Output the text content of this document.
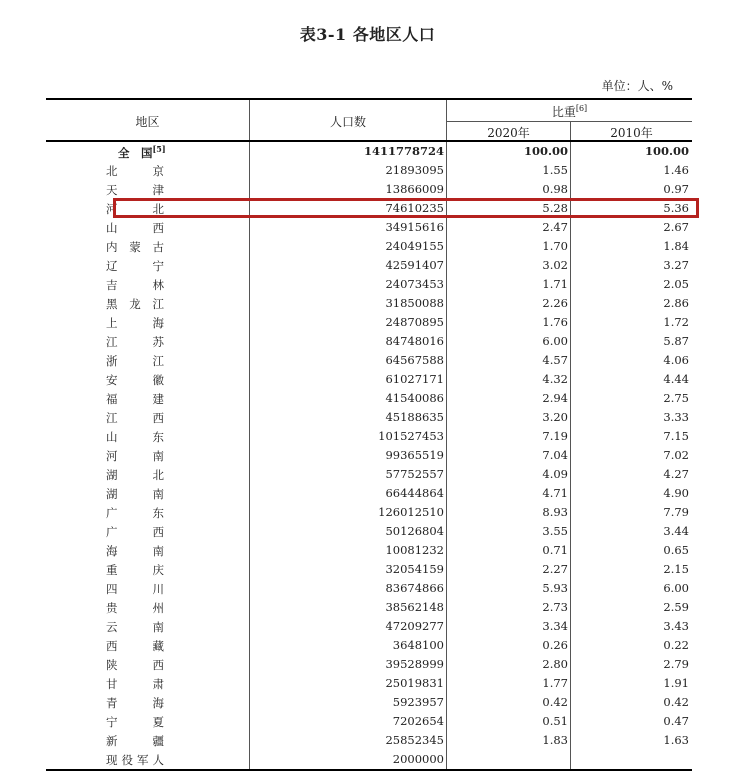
表3-1 各地区人口
单位：人、%
地区	人口数
比重[6]
2020年	2010年
全　国[5]	1411778724	100.00	100.00
北　京	21893095	1.55	1.46
天　津	13866009	0.98	0.97
河　北	74610235	5.28	5.36
山　西	34915616	2.47	2.67
内蒙古	24049155	1.70	1.84
辽　宁	42591407	3.02	3.27
吉　林	24073453	1.71	2.05
黑龙江	31850088	2.26	2.86
上　海	24870895	1.76	1.72
江　苏	84748016	6.00	5.87
浙　江	64567588	4.57	4.06
安　徽	61027171	4.32	4.44
福　建	41540086	2.94	2.75
江　西	45188635	3.20	3.33
山　东	101527453	7.19	7.15
河　南	99365519	7.04	7.02
湖　北	57752557	4.09	4.27
湖　南	66444864	4.71	4.90
广　东	126012510	8.93	7.79
广　西	50126804	3.55	3.44
海　南	10081232	0.71	0.65
重　庆	32054159	2.27	2.15
四　川	83674866	5.93	6.00
贵　州	38562148	2.73	2.59
云　南	47209277	3.34	3.43
西　藏	3648100	0.26	0.22
陕　西	39528999	2.80	2.79
甘　肃	25019831	1.77	1.91
青　海	5923957	0.42	0.42
宁　夏	7202654	0.51	0.47
新　疆	25852345	1.83	1.63
现役军人	2000000
